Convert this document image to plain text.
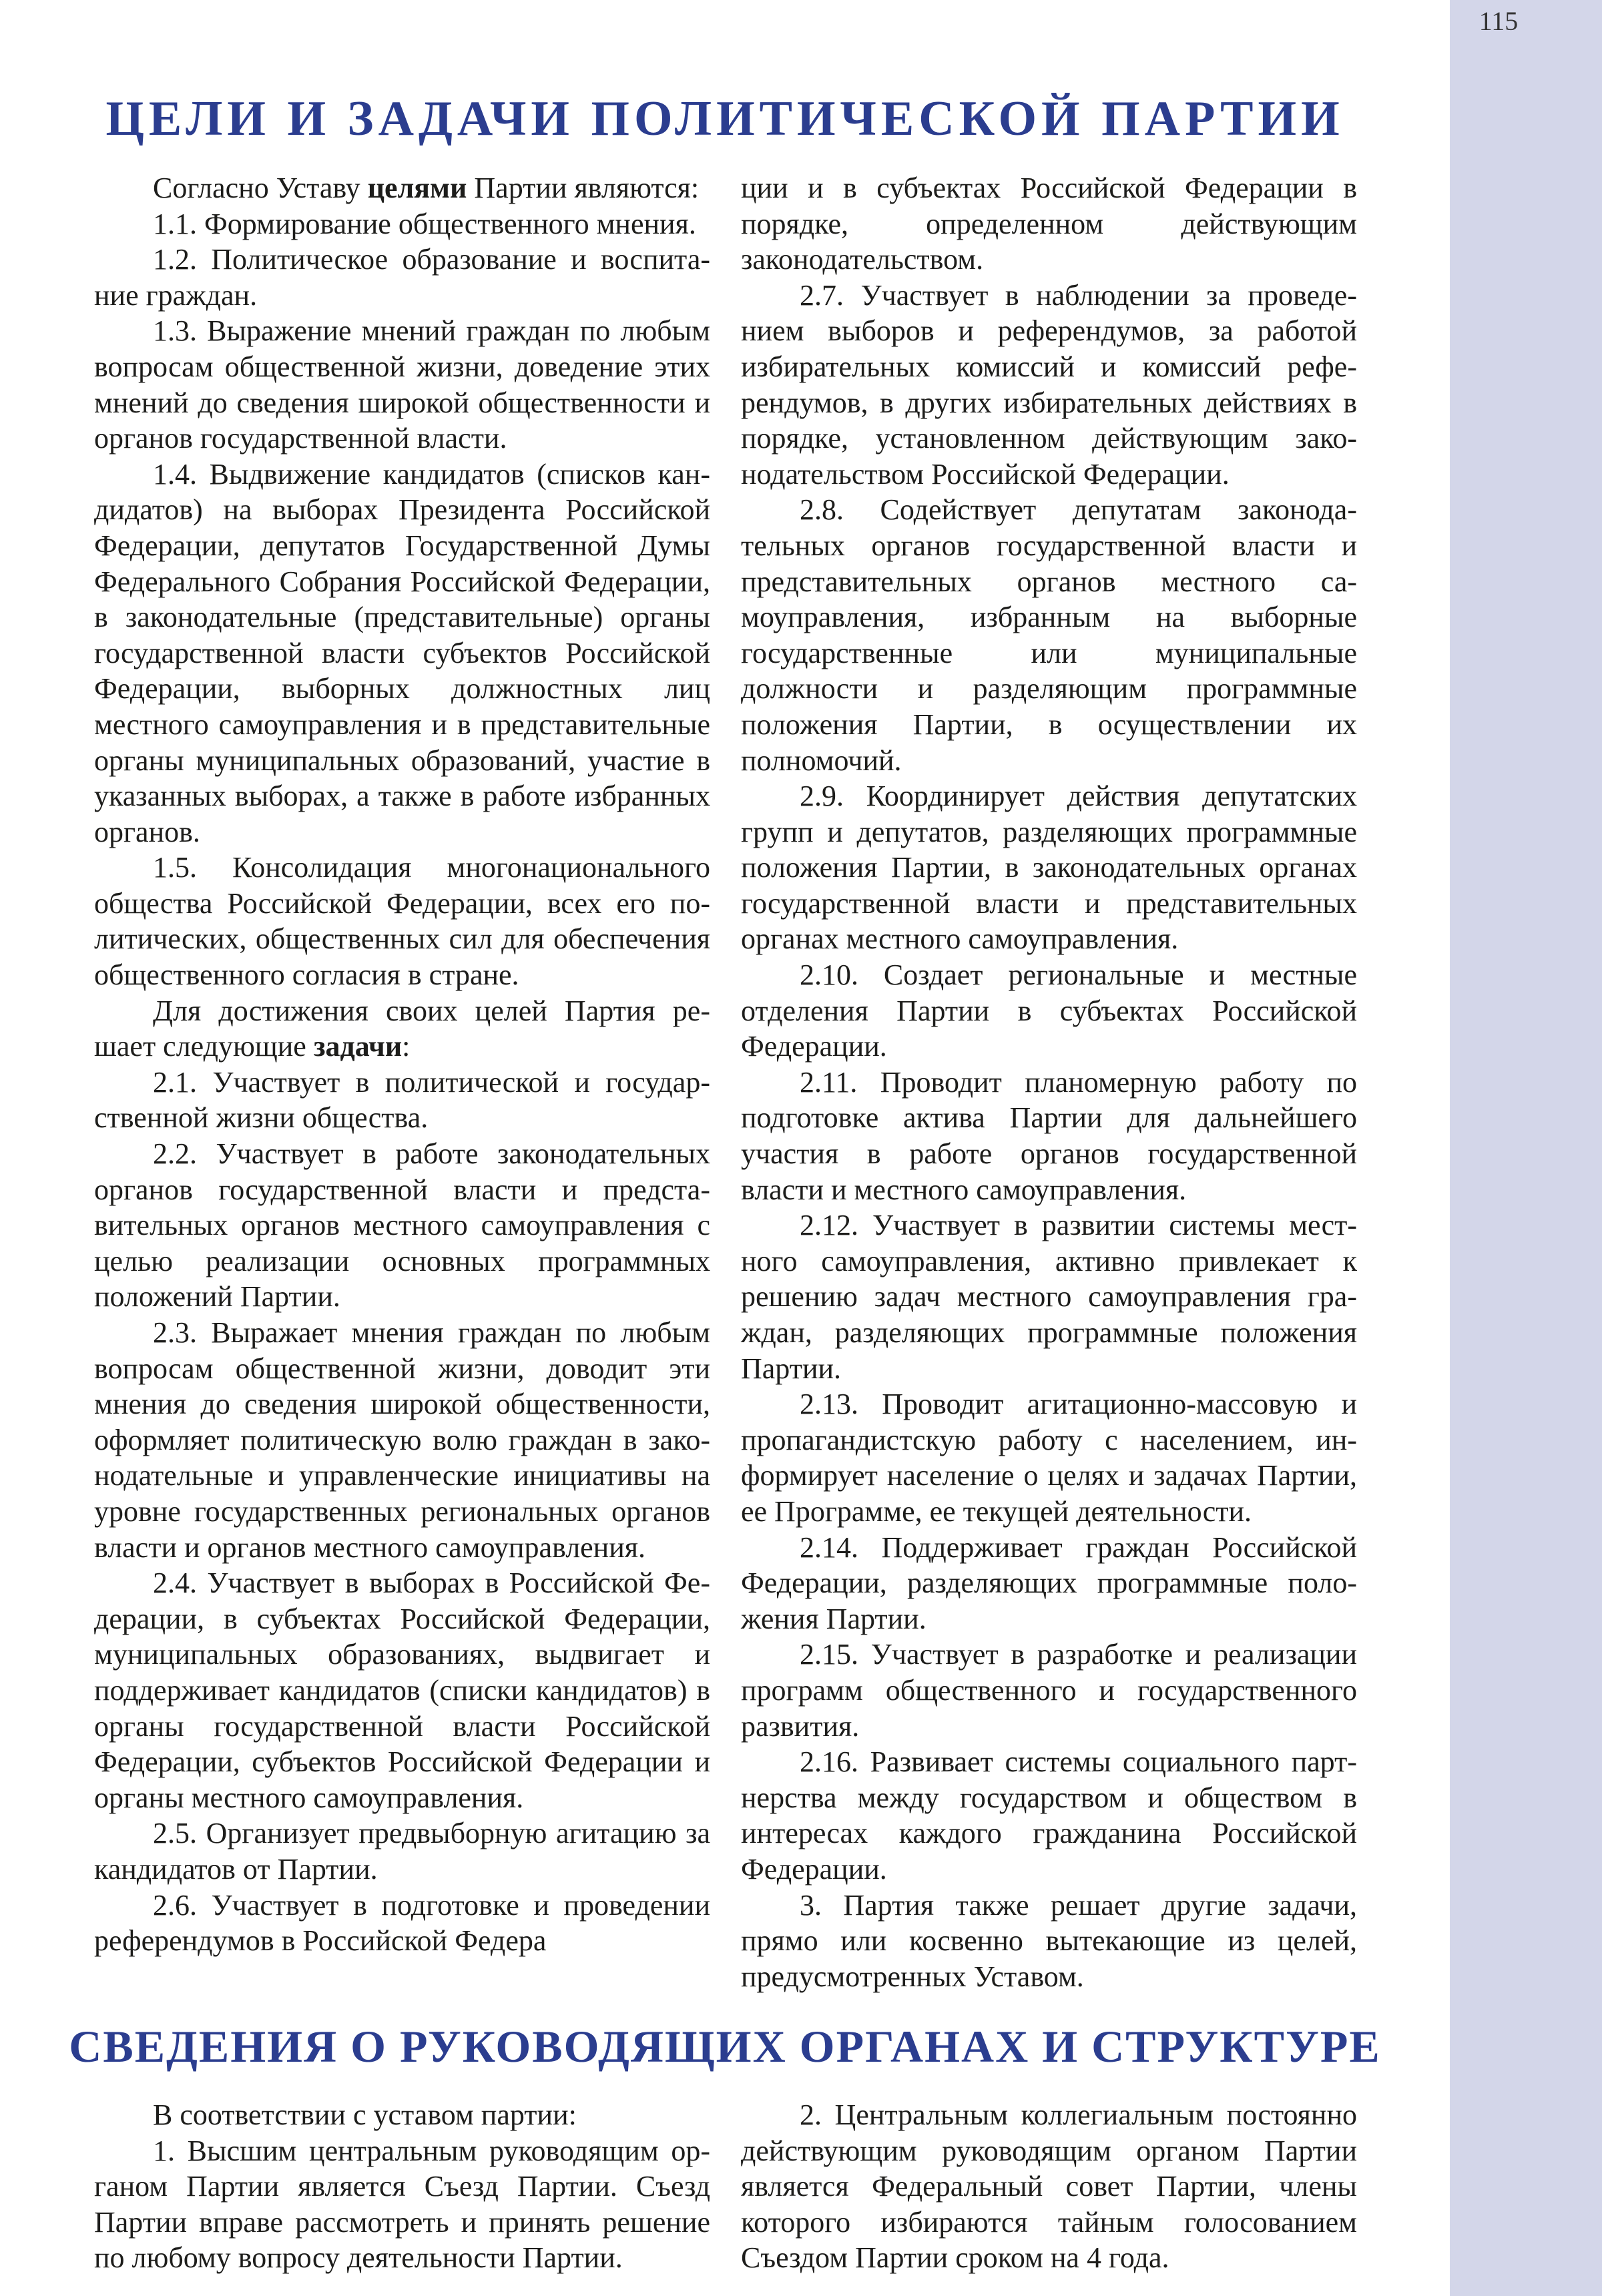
115
ЦЕЛИ И ЗАДАЧИ ПОЛИТИЧЕСКОЙ ПАРТИИ

Согласно Уставу целями Партии являются:

1.1. Формирование общественного мнения.

1.2. Политическое образование и воспитание граждан.

1.3. Выражение мнений граждан по любым вопросам общественной жизни, доведение этих мнений до сведения широкой общественности и органов государственной власти.

1.4. Выдвижение кандидатов (списков кандидатов) на выборах Президента Российской Федерации, депутатов Государственной Думы Федерального Собрания Российской Федерации, в законодательные (представительные) органы государственной власти субъектов Российской Федерации, выборных должностных лиц местного самоуправления и в представительные органы муниципальных образований, участие в указанных выборах, а также в работе избранных органов.

1.5. Консолидация многонационального общества Российской Федерации, всех его политических, общественных сил для обеспечения общественного согласия в стране.

Для достижения своих целей Партия решает следующие задачи:

2.1. Участвует в политической и государственной жизни общества.

2.2. Участвует в работе законодательных органов государственной власти и представительных органов местного самоуправления с целью реализации основных программных положений Партии.

2.3. Выражает мнения граждан по любым вопросам общественной жизни, доводит эти мнения до сведения широкой общественности, оформляет политическую волю граждан в законодательные и управленческие инициативы на уровне государственных региональных органов власти и органов местного самоуправления.

2.4. Участвует в выборах в Российской Федерации, в субъектах Российской Федерации, муниципальных образованиях, выдвигает и поддерживает кандидатов (списки кандидатов) в органы государственной власти Российской Федерации, субъектов Российской Федерации и органы местного самоуправления.

2.5. Организует предвыборную агитацию за кандидатов от Партии.

2.6. Участвует в подготовке и проведении референдумов в Российской Федера

ции и в субъектах Российской Федерации в порядке, определенном действующим законодательством.

2.7. Участвует в наблюдении за проведением выборов и референдумов, за работой избирательных комиссий и комиссий референдумов, в других избирательных действиях в порядке, установленном действующим законодательством Российской Федерации.

2.8. Содействует депутатам законодательных органов государственной власти и представительных органов местного самоуправления, избранным на выборные государственные или муниципальные должности и разделяющим программные положения Партии, в осуществлении их полномочий.

2.9. Координирует действия депутатских групп и депутатов, разделяющих программные положения Партии, в законодательных органах государственной власти и представительных органах местного самоуправления.

2.10. Создает региональные и местные отделения Партии в субъектах Российской Федерации.

2.11. Проводит планомерную работу по подготовке актива Партии для дальнейшего участия в работе органов государственной власти и местного самоуправления.

2.12. Участвует в развитии системы местного самоуправления, активно привлекает к решению задач местного самоуправления граждан, разделяющих программные положения Партии.

2.13. Проводит агитационно-массовую и пропагандистскую работу с населением, информирует население о целях и задачах Партии, ее Программе, ее текущей деятельности.

2.14. Поддерживает граждан Российской Федерации, разделяющих программные положения Партии.

2.15. Участвует в разработке и реализации программ общественного и государственного развития.

2.16. Развивает системы социального партнерства между государством и обществом в интересах каждого гражданина Российской Федерации.

3. Партия также решает другие задачи, прямо или косвенно вытекающие из целей, предусмотренных Уставом.

СВЕДЕНИЯ О РУКОВОДЯЩИХ ОРГАНАХ И СТРУКТУРЕ

В соответствии с уставом партии:

1. Высшим центральным руководящим органом Партии является Съезд Партии. Съезд Партии вправе рассмотреть и принять решение по любому вопросу деятельности Партии.

2. Центральным коллегиальным постоянно действующим руководящим органом Партии является Федеральный совет Партии, члены которого избираются тайным голосованием Съездом Партии сроком на 4 года.
